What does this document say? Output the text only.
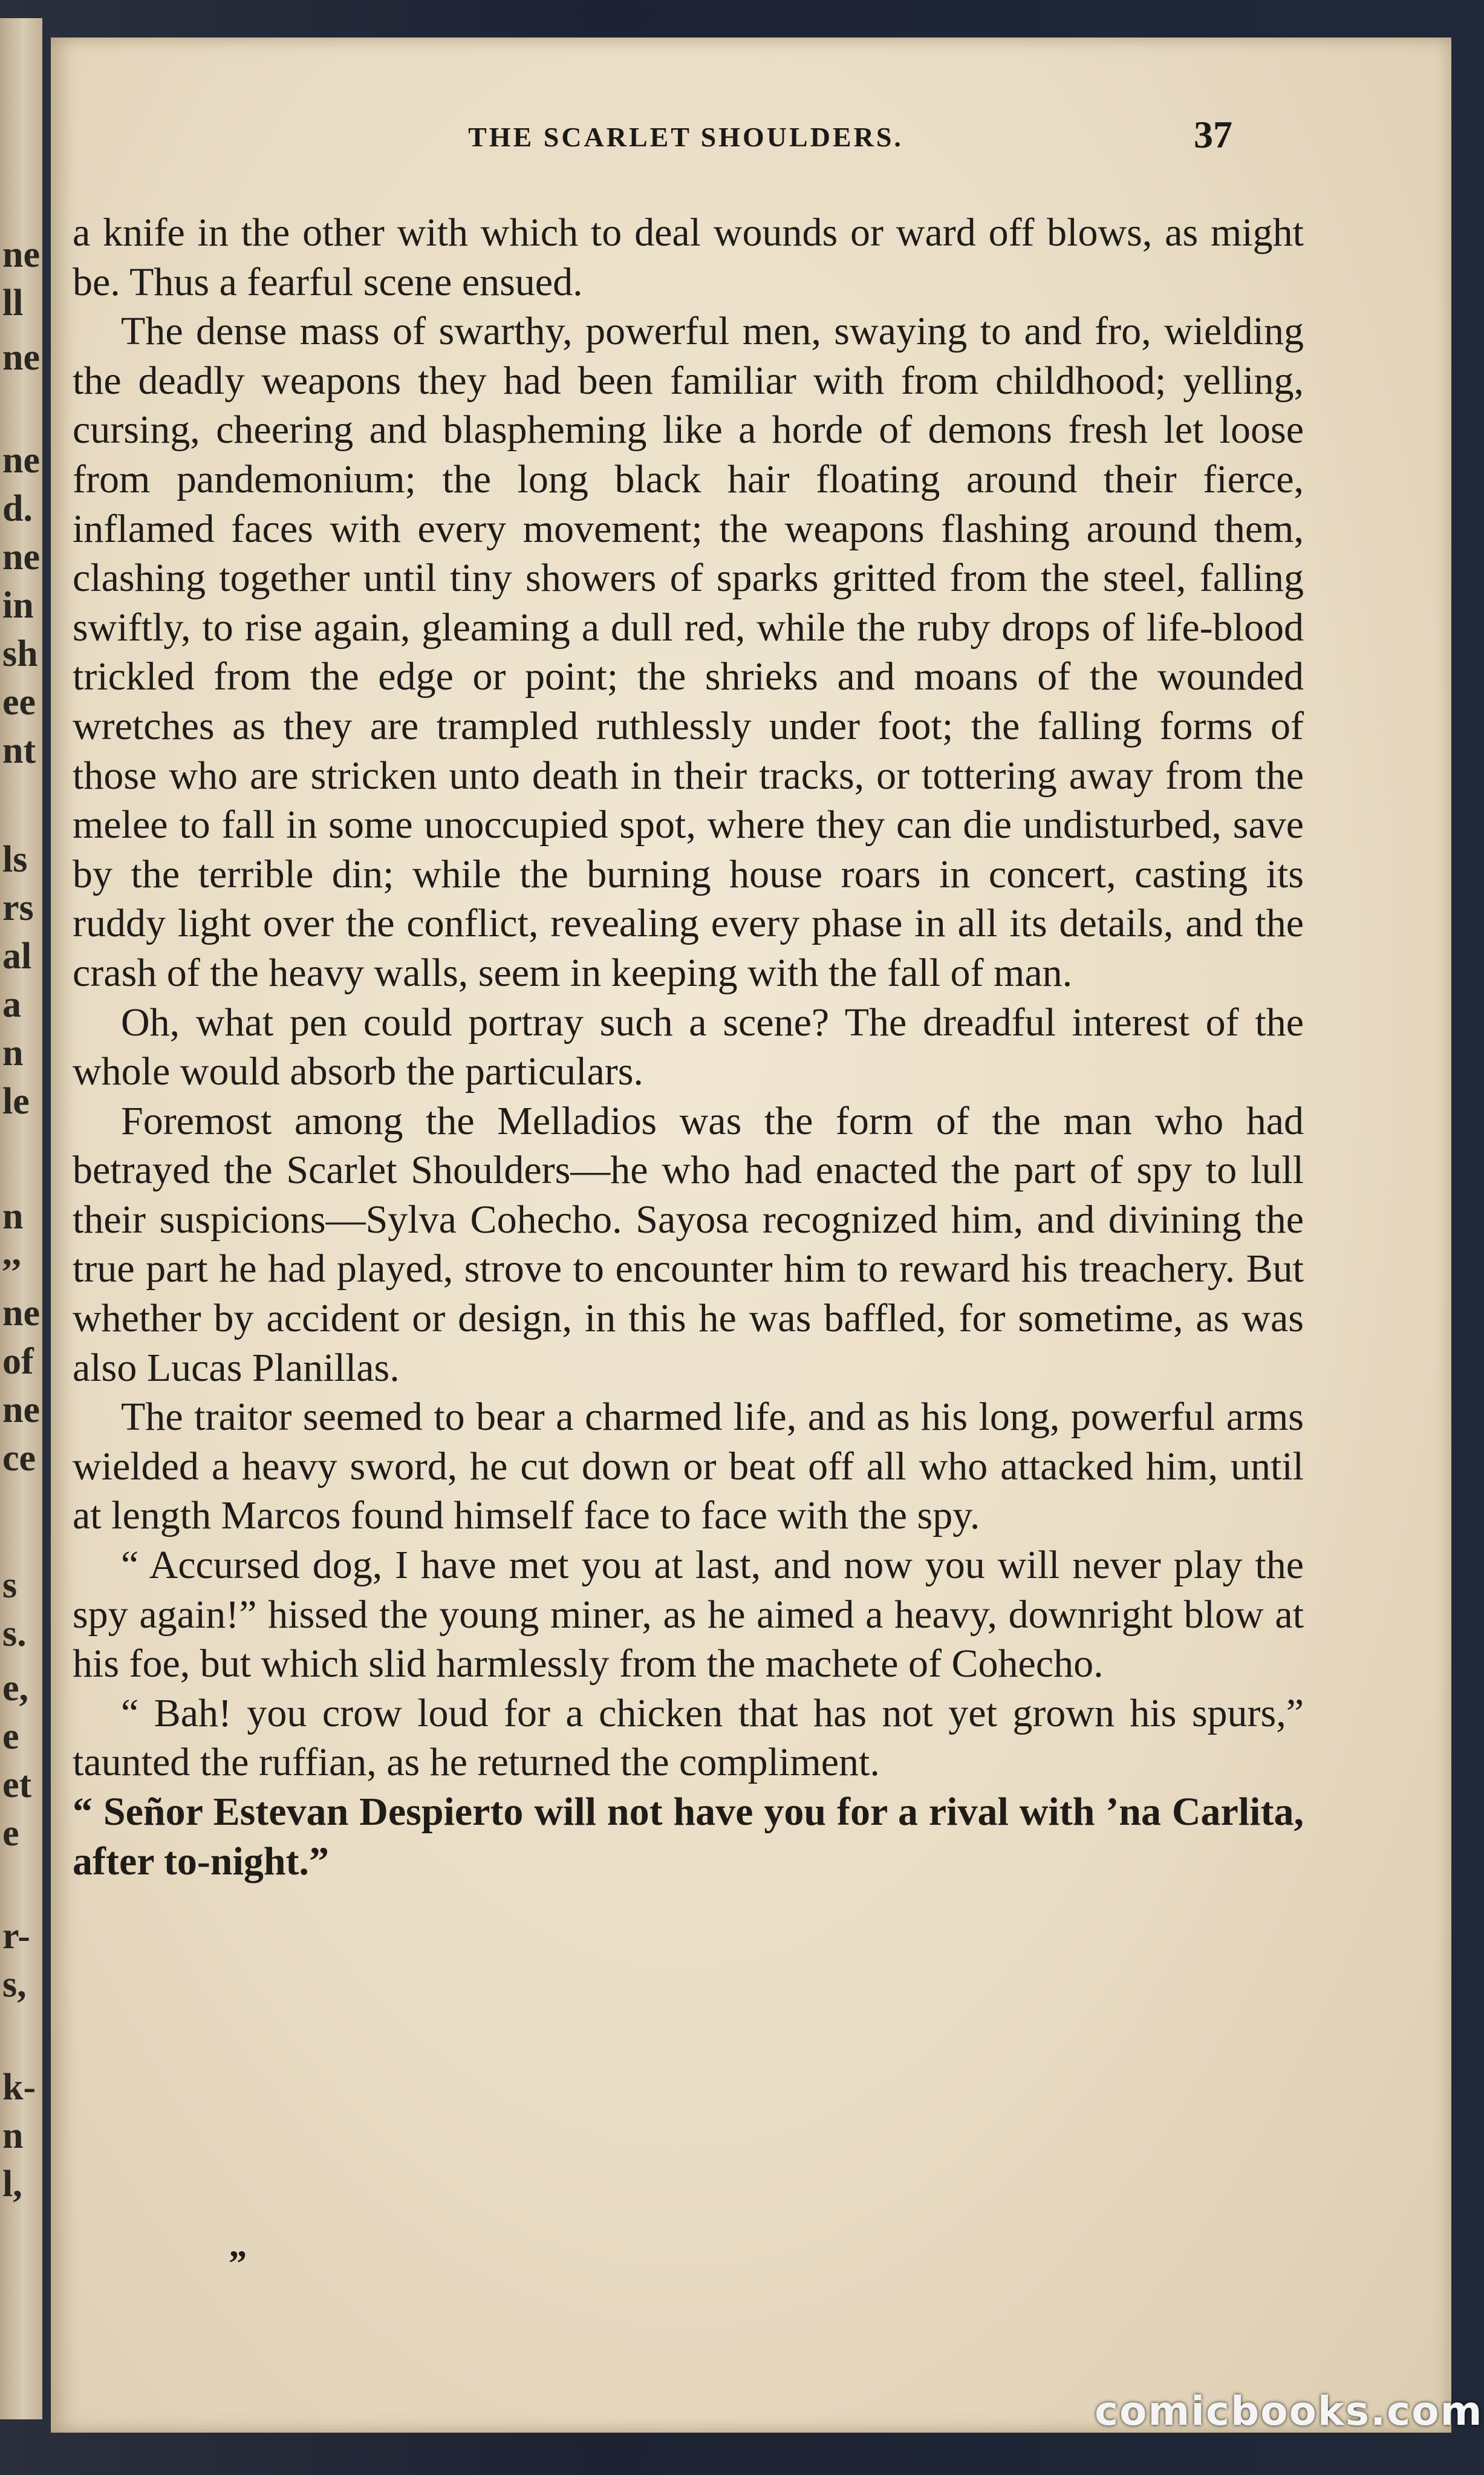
ne
ll
ne
ne
d.
ne
in
sh
ee
nt
ls
rs
al
a
n
le
n
,,
ne
of
ne
ce
s
s.
e,
e
et
e
r-
s,
k-
n
l,
THE SCARLET SHOULDERS.	37

a knife in the other with which to deal wounds or ward off blows, as might be. Thus a fearful scene ensued.

The dense mass of swarthy, powerful men, swaying to and fro, wielding the deadly weapons they had been familiar with from childhood; yelling, cursing, cheering and blaspheming like a horde of demons fresh let loose from pandemonium; the long black hair floating around their fierce, inflamed faces with every movement; the weapons flashing around them, clashing together until tiny showers of sparks gritted from the steel, falling swiftly, to rise again, gleaming a dull red, while the ruby drops of life-blood trickled from the edge or point; the shrieks and moans of the wounded wretches as they are trampled ruthlessly under foot; the falling forms of those who are stricken unto death in their tracks, or tottering away from the melee to fall in some unoccupied spot, where they can die undisturbed, save by the terrible din; while the burning house roars in concert, casting its ruddy light over the conflict, revealing every phase in all its details, and the crash of the heavy walls, seem in keeping with the fall of man.

Oh, what pen could portray such a scene? The dreadful interest of the whole would absorb the particulars.

Foremost among the Melladios was the form of the man who had betrayed the Scarlet Shoulders—he who had enacted the part of spy to lull their suspicions—Sylva Cohecho. Sayosa recognized him, and divining the true part he had played, strove to encounter him to reward his treachery. But whether by accident or design, in this he was baffled, for sometime, as was also Lucas Planillas.

The traitor seemed to bear a charmed life, and as his long, powerful arms wielded a heavy sword, he cut down or beat off all who attacked him, until at length Marcos found himself face to face with the spy.

“ Accursed dog, I have met you at last, and now you will never play the spy again!” hissed the young miner, as he aimed a heavy, downright blow at his foe, but which slid harmlessly from the machete of Cohecho.

“ Bah! you crow loud for a chicken that has not yet grown his spurs,” taunted the ruffian, as he returned the compliment.

“ Señor Estevan Despierto will not have you for a rival with ’na Carlita, after to-night.”

”
comicbooks.com
